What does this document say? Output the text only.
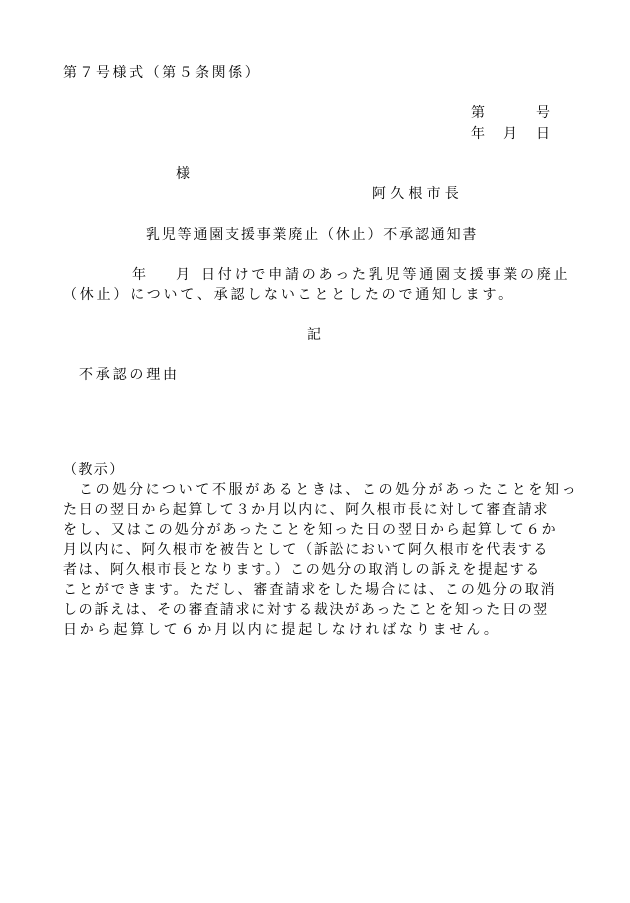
第７号様式（第５条関係）
第	号
年 月 日
様
阿久根市長
乳児等通園支援事業廃止（休止）不承認通知書
年 月 日付けで申請のあった乳児等通園支援事業の廃止
（休止）について、承認しないこととしたので通知します。
記
不承認の理由
（教示）
この処分について不服があるときは、この処分があったことを知っ
た日の翌日から起算して３か月以内に、阿久根市長に対して審査請求
をし、又はこの処分があったことを知った日の翌日から起算して６か
月以内に、阿久根市を被告として（訴訟において阿久根市を代表する
者は、阿久根市長となります。）この処分の取消しの訴えを提起する
ことができます。ただし、審査請求をした場合には、この処分の取消
しの訴えは、その審査請求に対する裁決があったことを知った日の翌
日から起算して６か月以内に提起しなければなりません。
